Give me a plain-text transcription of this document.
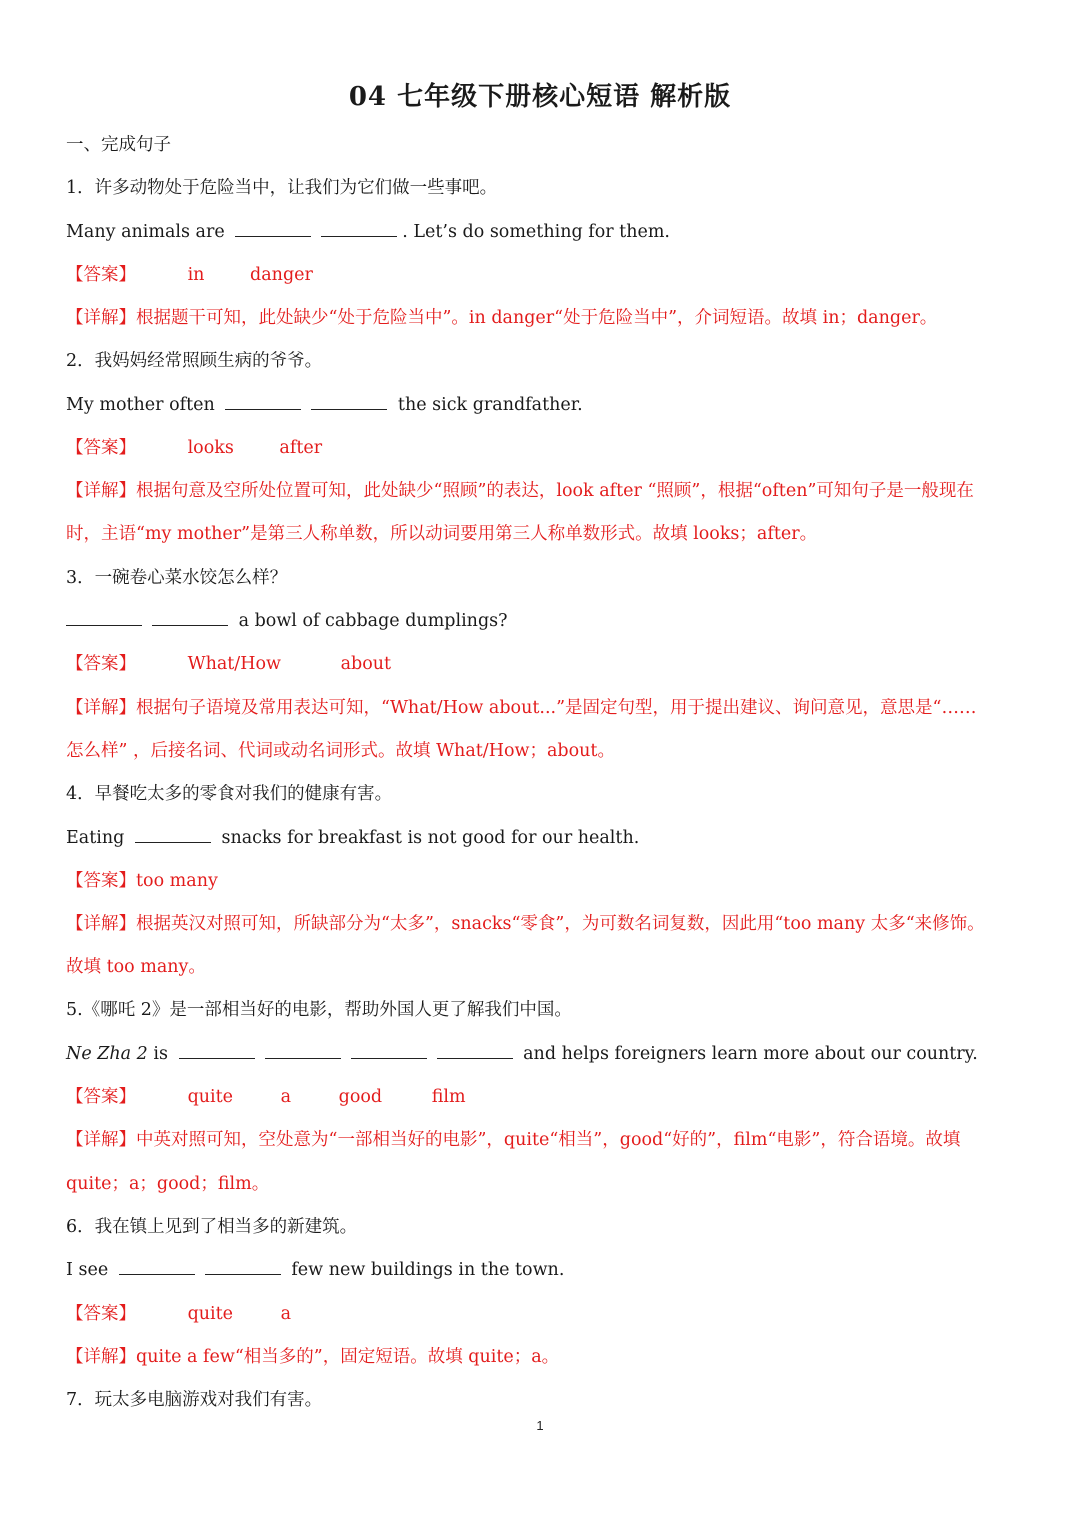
04 七年级下册核心短语 解析版
一、完成句子
1．许多动物处于危险当中，让我们为它们做一些事吧。
Many animals are	. Let’s do something for them.
【答案】	in	danger
【详解】根据题干可知，此处缺少“处于危险当中”。in danger“处于危险当中”，介词短语。故填 in；danger。
2．我妈妈经常照顾生病的爷爷。
My mother often	the sick grandfather.
【答案】	looks	after
【详解】根据句意及空所处位置可知，此处缺少“照顾”的表达，look after “照顾”，根据“often”可知句子是一般现在
时，主语“my mother”是第三人称单数，所以动词要用第三人称单数形式。故填 looks；after。
3．一碗卷心菜水饺怎么样？
a bowl of cabbage dumplings?
【答案】	What/How	about
【详解】根据句子语境及常用表达可知，“What/How about...”是固定句型，用于提出建议、询问意见，意思是“……
怎么样” ，后接名词、代词或动名词形式。故填 What/How；about。
4．早餐吃太多的零食对我们的健康有害。
Eating	snacks for breakfast is not good for our health.
【答案】too many
【详解】根据英汉对照可知，所缺部分为“太多”，snacks“零食”，为可数名词复数，因此用“too many 太多“来修饰。
故填 too many。
5.《哪吒 2》是一部相当好的电影，帮助外国人更了解我们中国。
Ne Zha 2 is	and helps foreigners learn more about our country.
【答案】	quite	a	good	film
【详解】中英对照可知，空处意为“一部相当好的电影”，quite“相当”，good“好的”，film“电影”，符合语境。故填
quite；a；good；film。
6．我在镇上见到了相当多的新建筑。
I see	few new buildings in the town.
【答案】	quite	a
【详解】quite a few“相当多的”，固定短语。故填 quite；a。
7．玩太多电脑游戏对我们有害。
1
